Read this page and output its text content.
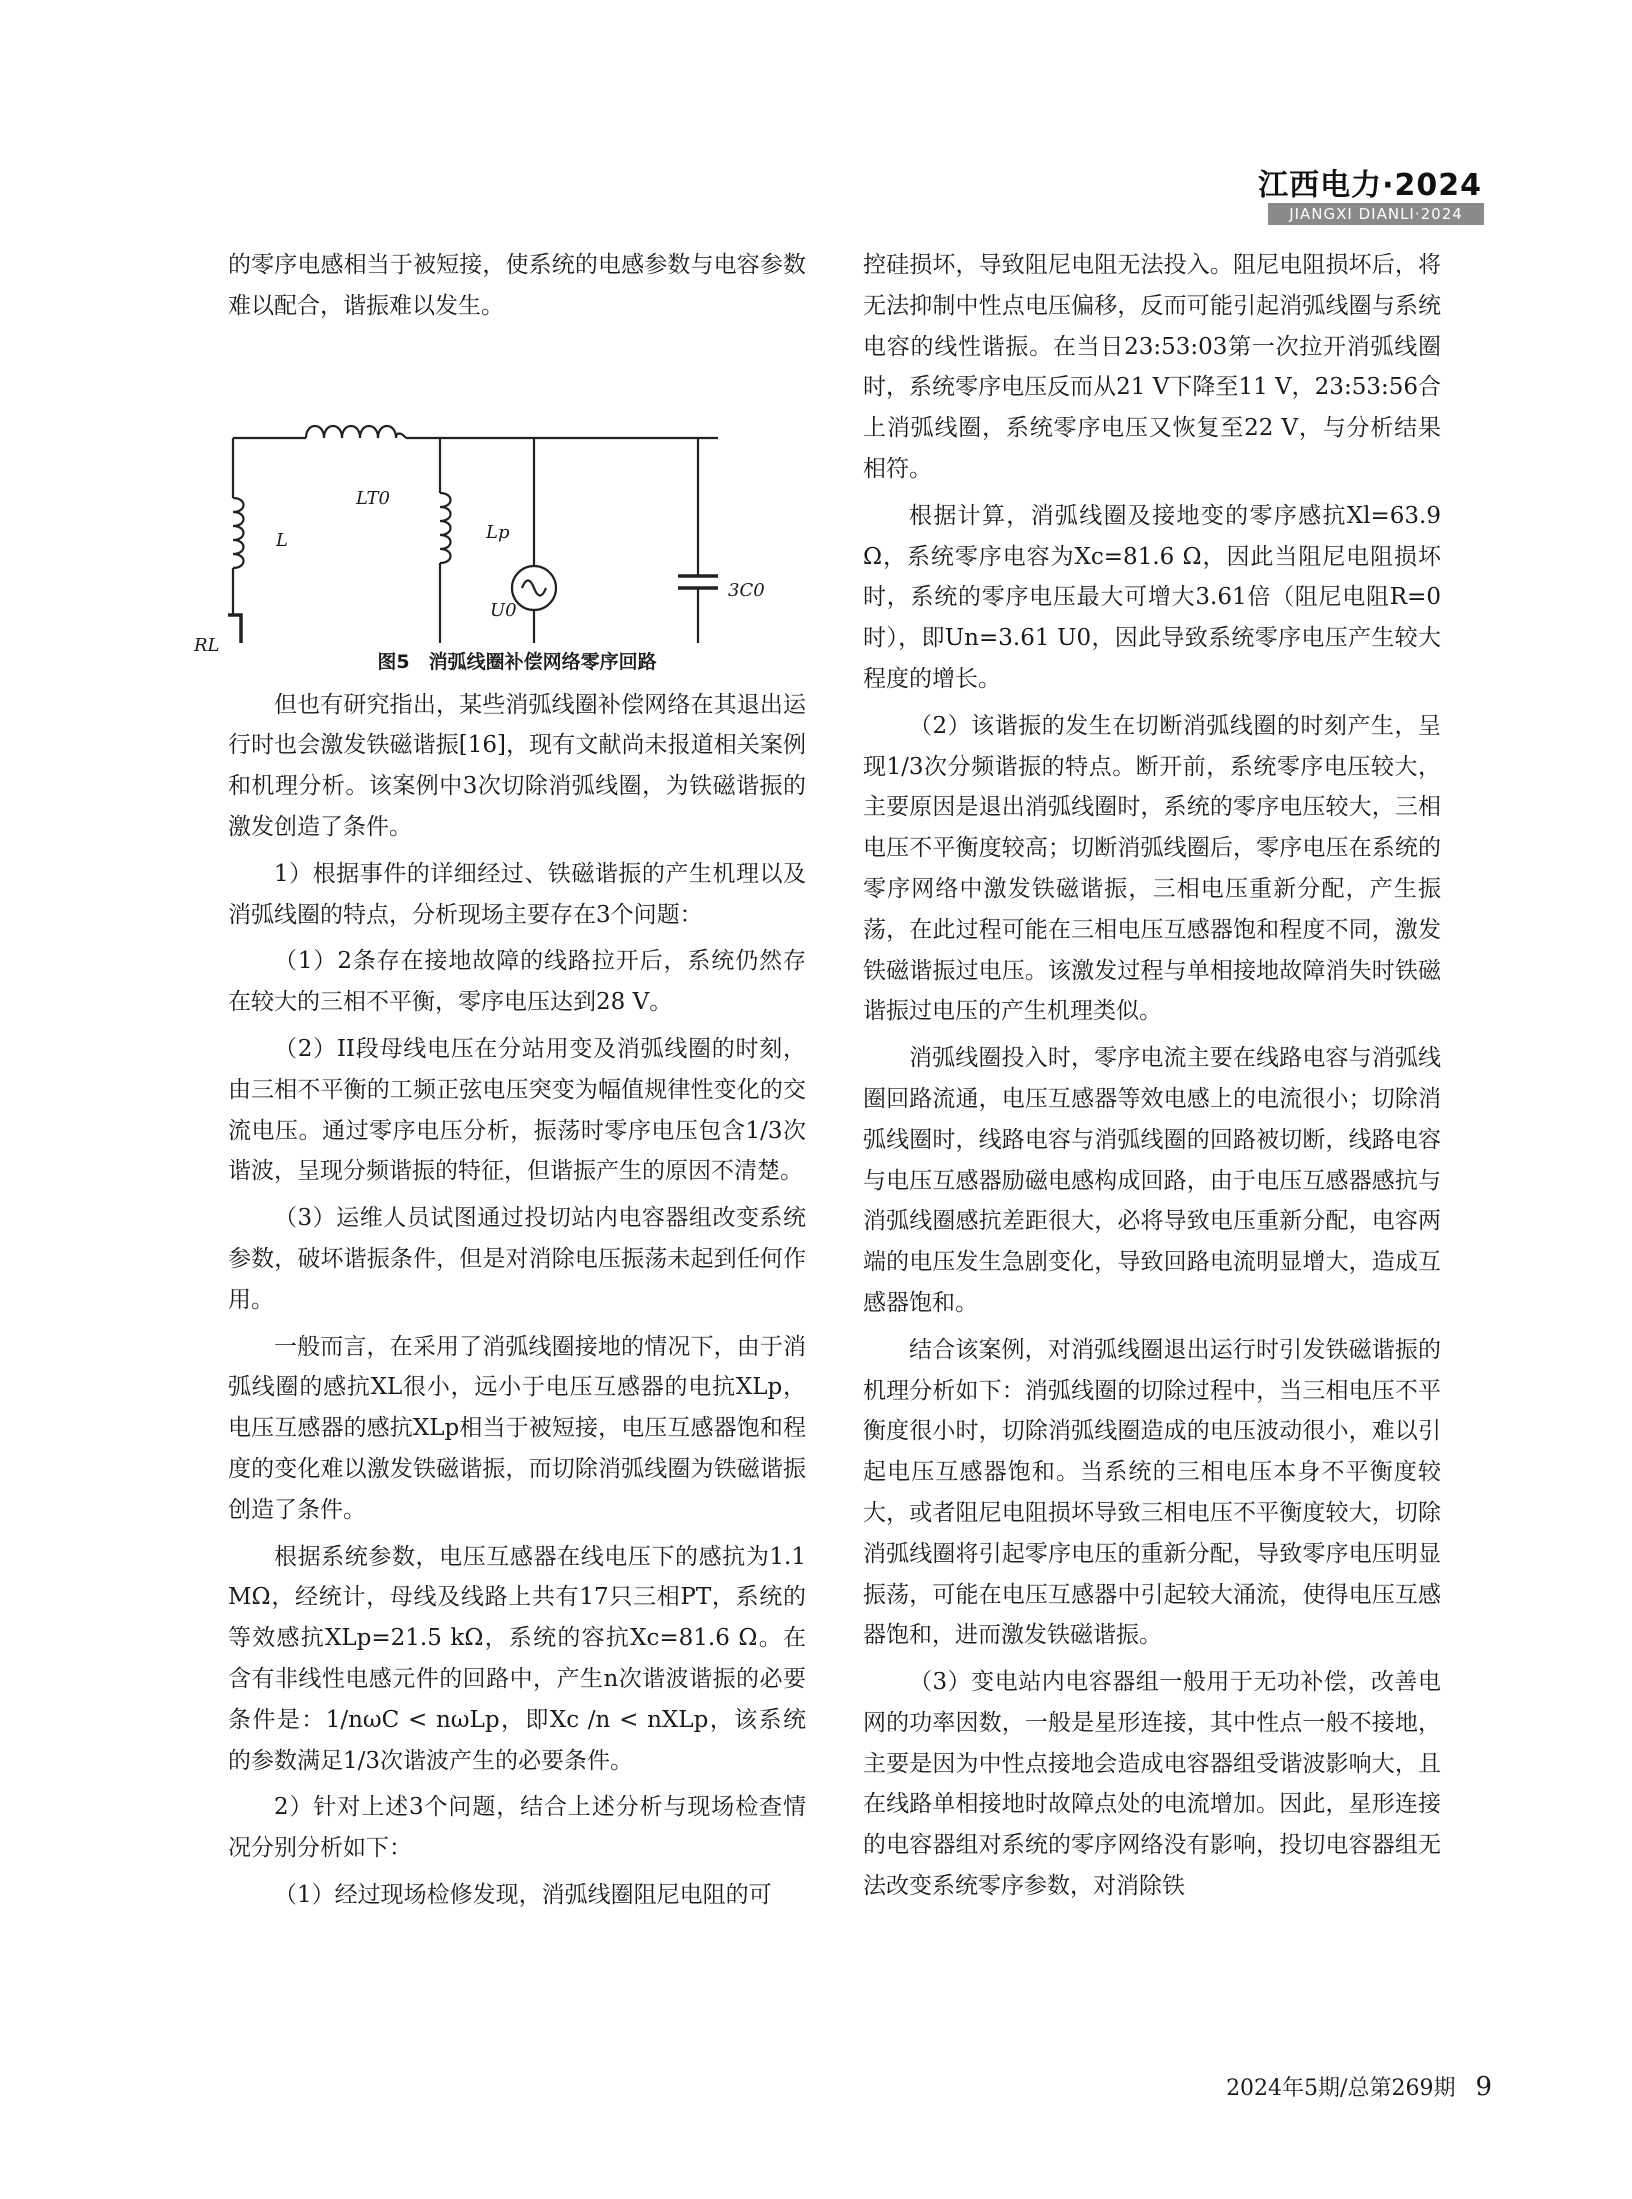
江西电力·2024
JIANGXI DIANLI·2024

的零序电感相当于被短接，使系统的电感参数与电容参数难以配合，谐振难以发生。

L
LT0
Lp
U0
3C0
RL
图5　消弧线圈补偿网络零序回路

但也有研究指出，某些消弧线圈补偿网络在其退出运行时也会激发铁磁谐振[16]，现有文献尚未报道相关案例和机理分析。该案例中3次切除消弧线圈，为铁磁谐振的激发创造了条件。

1）根据事件的详细经过、铁磁谐振的产生机理以及消弧线圈的特点，分析现场主要存在3个问题：

（1）2条存在接地故障的线路拉开后，系统仍然存在较大的三相不平衡，零序电压达到28 V。

（2）II段母线电压在分站用变及消弧线圈的时刻，由三相不平衡的工频正弦电压突变为幅值规律性变化的交流电压。通过零序电压分析，振荡时零序电压包含1/3次谐波，呈现分频谐振的特征，但谐振产生的原因不清楚。

（3）运维人员试图通过投切站内电容器组改变系统参数，破坏谐振条件，但是对消除电压振荡未起到任何作用。

一般而言，在采用了消弧线圈接地的情况下，由于消弧线圈的感抗XL很小，远小于电压互感器的电抗XLp，电压互感器的感抗XLp相当于被短接，电压互感器饱和程度的变化难以激发铁磁谐振，而切除消弧线圈为铁磁谐振创造了条件。

根据系统参数，电压互感器在线电压下的感抗为1.1 MΩ，经统计，母线及线路上共有17只三相PT，系统的等效感抗XLp=21.5 kΩ，系统的容抗Xc=81.6 Ω。在含有非线性电感元件的回路中，产生n次谐波谐振的必要条件是：1/nωC < nωLp，即Xc /n < nXLp，该系统的参数满足1/3次谐波产生的必要条件。

2）针对上述3个问题，结合上述分析与现场检查情况分别分析如下：

（1）经过现场检修发现，消弧线圈阻尼电阻的可

控硅损坏，导致阻尼电阻无法投入。阻尼电阻损坏后，将无法抑制中性点电压偏移，反而可能引起消弧线圈与系统电容的线性谐振。在当日23:53:03第一次拉开消弧线圈时，系统零序电压反而从21 V下降至11 V，23:53:56合上消弧线圈，系统零序电压又恢复至22 V，与分析结果相符。

根据计算，消弧线圈及接地变的零序感抗Xl=63.9 Ω，系统零序电容为Xc=81.6 Ω，因此当阻尼电阻损坏时，系统的零序电压最大可增大3.61倍（阻尼电阻R=0时），即Un=3.61 U0，因此导致系统零序电压产生较大程度的增长。

（2）该谐振的发生在切断消弧线圈的时刻产生，呈现1/3次分频谐振的特点。断开前，系统零序电压较大，主要原因是退出消弧线圈时，系统的零序电压较大，三相电压不平衡度较高；切断消弧线圈后，零序电压在系统的零序网络中激发铁磁谐振，三相电压重新分配，产生振荡，在此过程可能在三相电压互感器饱和程度不同，激发铁磁谐振过电压。该激发过程与单相接地故障消失时铁磁谐振过电压的产生机理类似。

消弧线圈投入时，零序电流主要在线路电容与消弧线圈回路流通，电压互感器等效电感上的电流很小；切除消弧线圈时，线路电容与消弧线圈的回路被切断，线路电容与电压互感器励磁电感构成回路，由于电压互感器感抗与消弧线圈感抗差距很大，必将导致电压重新分配，电容两端的电压发生急剧变化，导致回路电流明显增大，造成互感器饱和。

结合该案例，对消弧线圈退出运行时引发铁磁谐振的机理分析如下：消弧线圈的切除过程中，当三相电压不平衡度很小时，切除消弧线圈造成的电压波动很小，难以引起电压互感器饱和。当系统的三相电压本身不平衡度较大，或者阻尼电阻损坏导致三相电压不平衡度较大，切除消弧线圈将引起零序电压的重新分配，导致零序电压明显振荡，可能在电压互感器中引起较大涌流，使得电压互感器饱和，进而激发铁磁谐振。

（3）变电站内电容器组一般用于无功补偿，改善电网的功率因数，一般是星形连接，其中性点一般不接地，主要是因为中性点接地会造成电容器组受谐波影响大，且在线路单相接地时故障点处的电流增加。因此，星形连接的电容器组对系统的零序网络没有影响，投切电容器组无法改变系统零序参数，对消除铁

2024年5期/总第269期 9
